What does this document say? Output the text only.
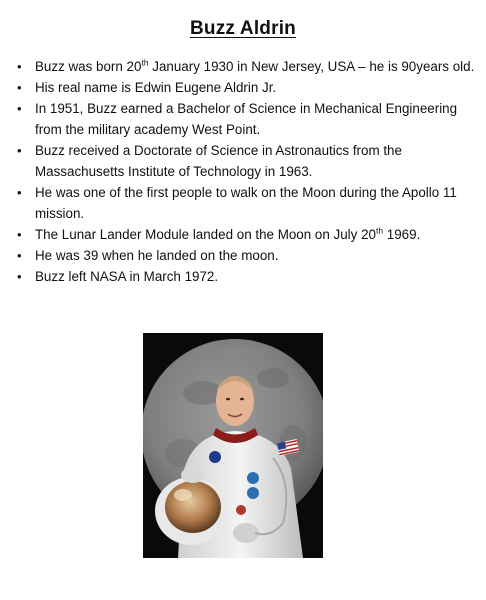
Buzz Aldrin
• Buzz was born 20th January 1930 in New Jersey, USA – he is 90years old.
• His real name is Edwin Eugene Aldrin Jr.
• In 1951, Buzz earned a Bachelor of Science in Mechanical Engineering from the military academy West Point.
• Buzz received a Doctorate of Science in Astronautics from the Massachusetts Institute of Technology in 1963.
• He was one of the first people to walk on the Moon during the Apollo 11 mission.
• The Lunar Lander Module landed on the Moon on July 20th 1969.
• He was 39 when he landed on the moon.
• Buzz left NASA in March 1972.
